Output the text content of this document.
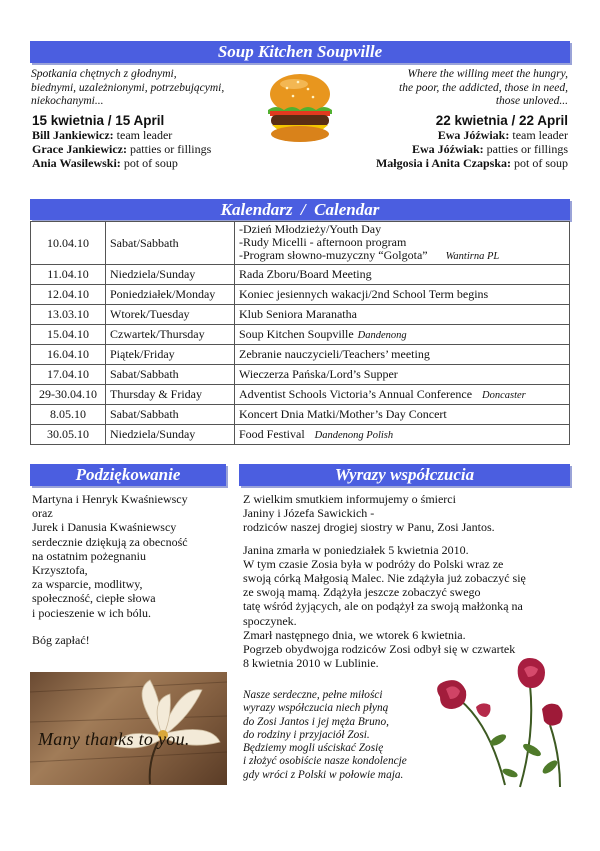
Soup Kitchen Soupville
Spotkania chętnych z głodnymi,
biednymi, uzależnionymi, potrzebującymi,
niekochanymi...
Where the willing meet the hungry,
the poor, the addicted, those in need,
those unloved...
15 kwietnia / 15 April	22 kwietnia / 22 April
Bill Jankiewicz: team leader
Grace Jankiewicz: patties or fillings
Ania Wasilewski: pot of soup
Ewa Jóźwiak: team leader
Ewa Jóźwiak: patties or fillings
Małgosia i Anita Czapska: pot of soup
Kalendarz  /  Calendar
10.04.10	Sabat/Sabbath	-Dzień Młodzieży/Youth Day
-Rudy Micelli - afternoon program
-Program słowno-muzyczny “Golgota” Wantirna PL

11.04.10	Niedziela/Sunday	Rada Zboru/Board Meeting
12.04.10	Poniedziałek/Monday	Koniec jesiennych wakacji/2nd School Term begins
13.03.10	Wtorek/Tuesday	Klub Seniora Maranatha
15.04.10	Czwartek/Thursday	Soup Kitchen Soupville Dandenong
16.04.10	Piątek/Friday	Zebranie nauczycieli/Teachers’ meeting
17.04.10	Sabat/Sabbath	Wieczerza Pańska/Lord’s Supper
29-30.04.10	Thursday & Friday	Adventist Schools Victoria’s Annual Conference Doncaster
8.05.10	Sabat/Sabbath	Koncert Dnia Matki/Mother’s Day Concert
30.05.10	Niedziela/Sunday	Food Festival Dandenong Polish
Podziękowanie
Martyna i Henryk Kwaśniewscy
oraz
Jurek i Danusia Kwaśniewscy
serdecznie dziękują za obecność
na ostatnim pożegnaniu
Krzysztofa,
za wsparcie, modlitwy,
społeczność, ciepłe słowa
i pocieszenie w ich bólu.
Bóg zapłać!
Many thanks to you.
Wyrazy współczucia
Z wielkim smutkiem informujemy o śmierci
Janiny i Józefa Sawickich -
rodziców naszej drogiej siostry w Panu, Zosi Jantos.
Janina zmarła w poniedziałek 5 kwietnia 2010.
W tym czasie Zosia była w podróży do Polski wraz ze
swoją córką Małgosią Malec. Nie zdążyła już zobaczyć się
ze swoją mamą. Zdążyła jeszcze zobaczyć swego
tatę wśród żyjących, ale on podążył za swoją małżonką na
spoczynek.
Zmarł następnego dnia, we wtorek 6 kwietnia.
Pogrzeb obydwojga rodziców Zosi odbył się w czwartek
8 kwietnia 2010 w Lublinie.
Nasze serdeczne, pełne miłości
wyrazy współczucia niech płyną
do Zosi Jantos i jej męża Bruno,
do rodziny i przyjaciół Zosi.
Będziemy mogli uściskać Zosię
i złożyć osobiście nasze kondolencje
gdy wróci z Polski w połowie maja.
